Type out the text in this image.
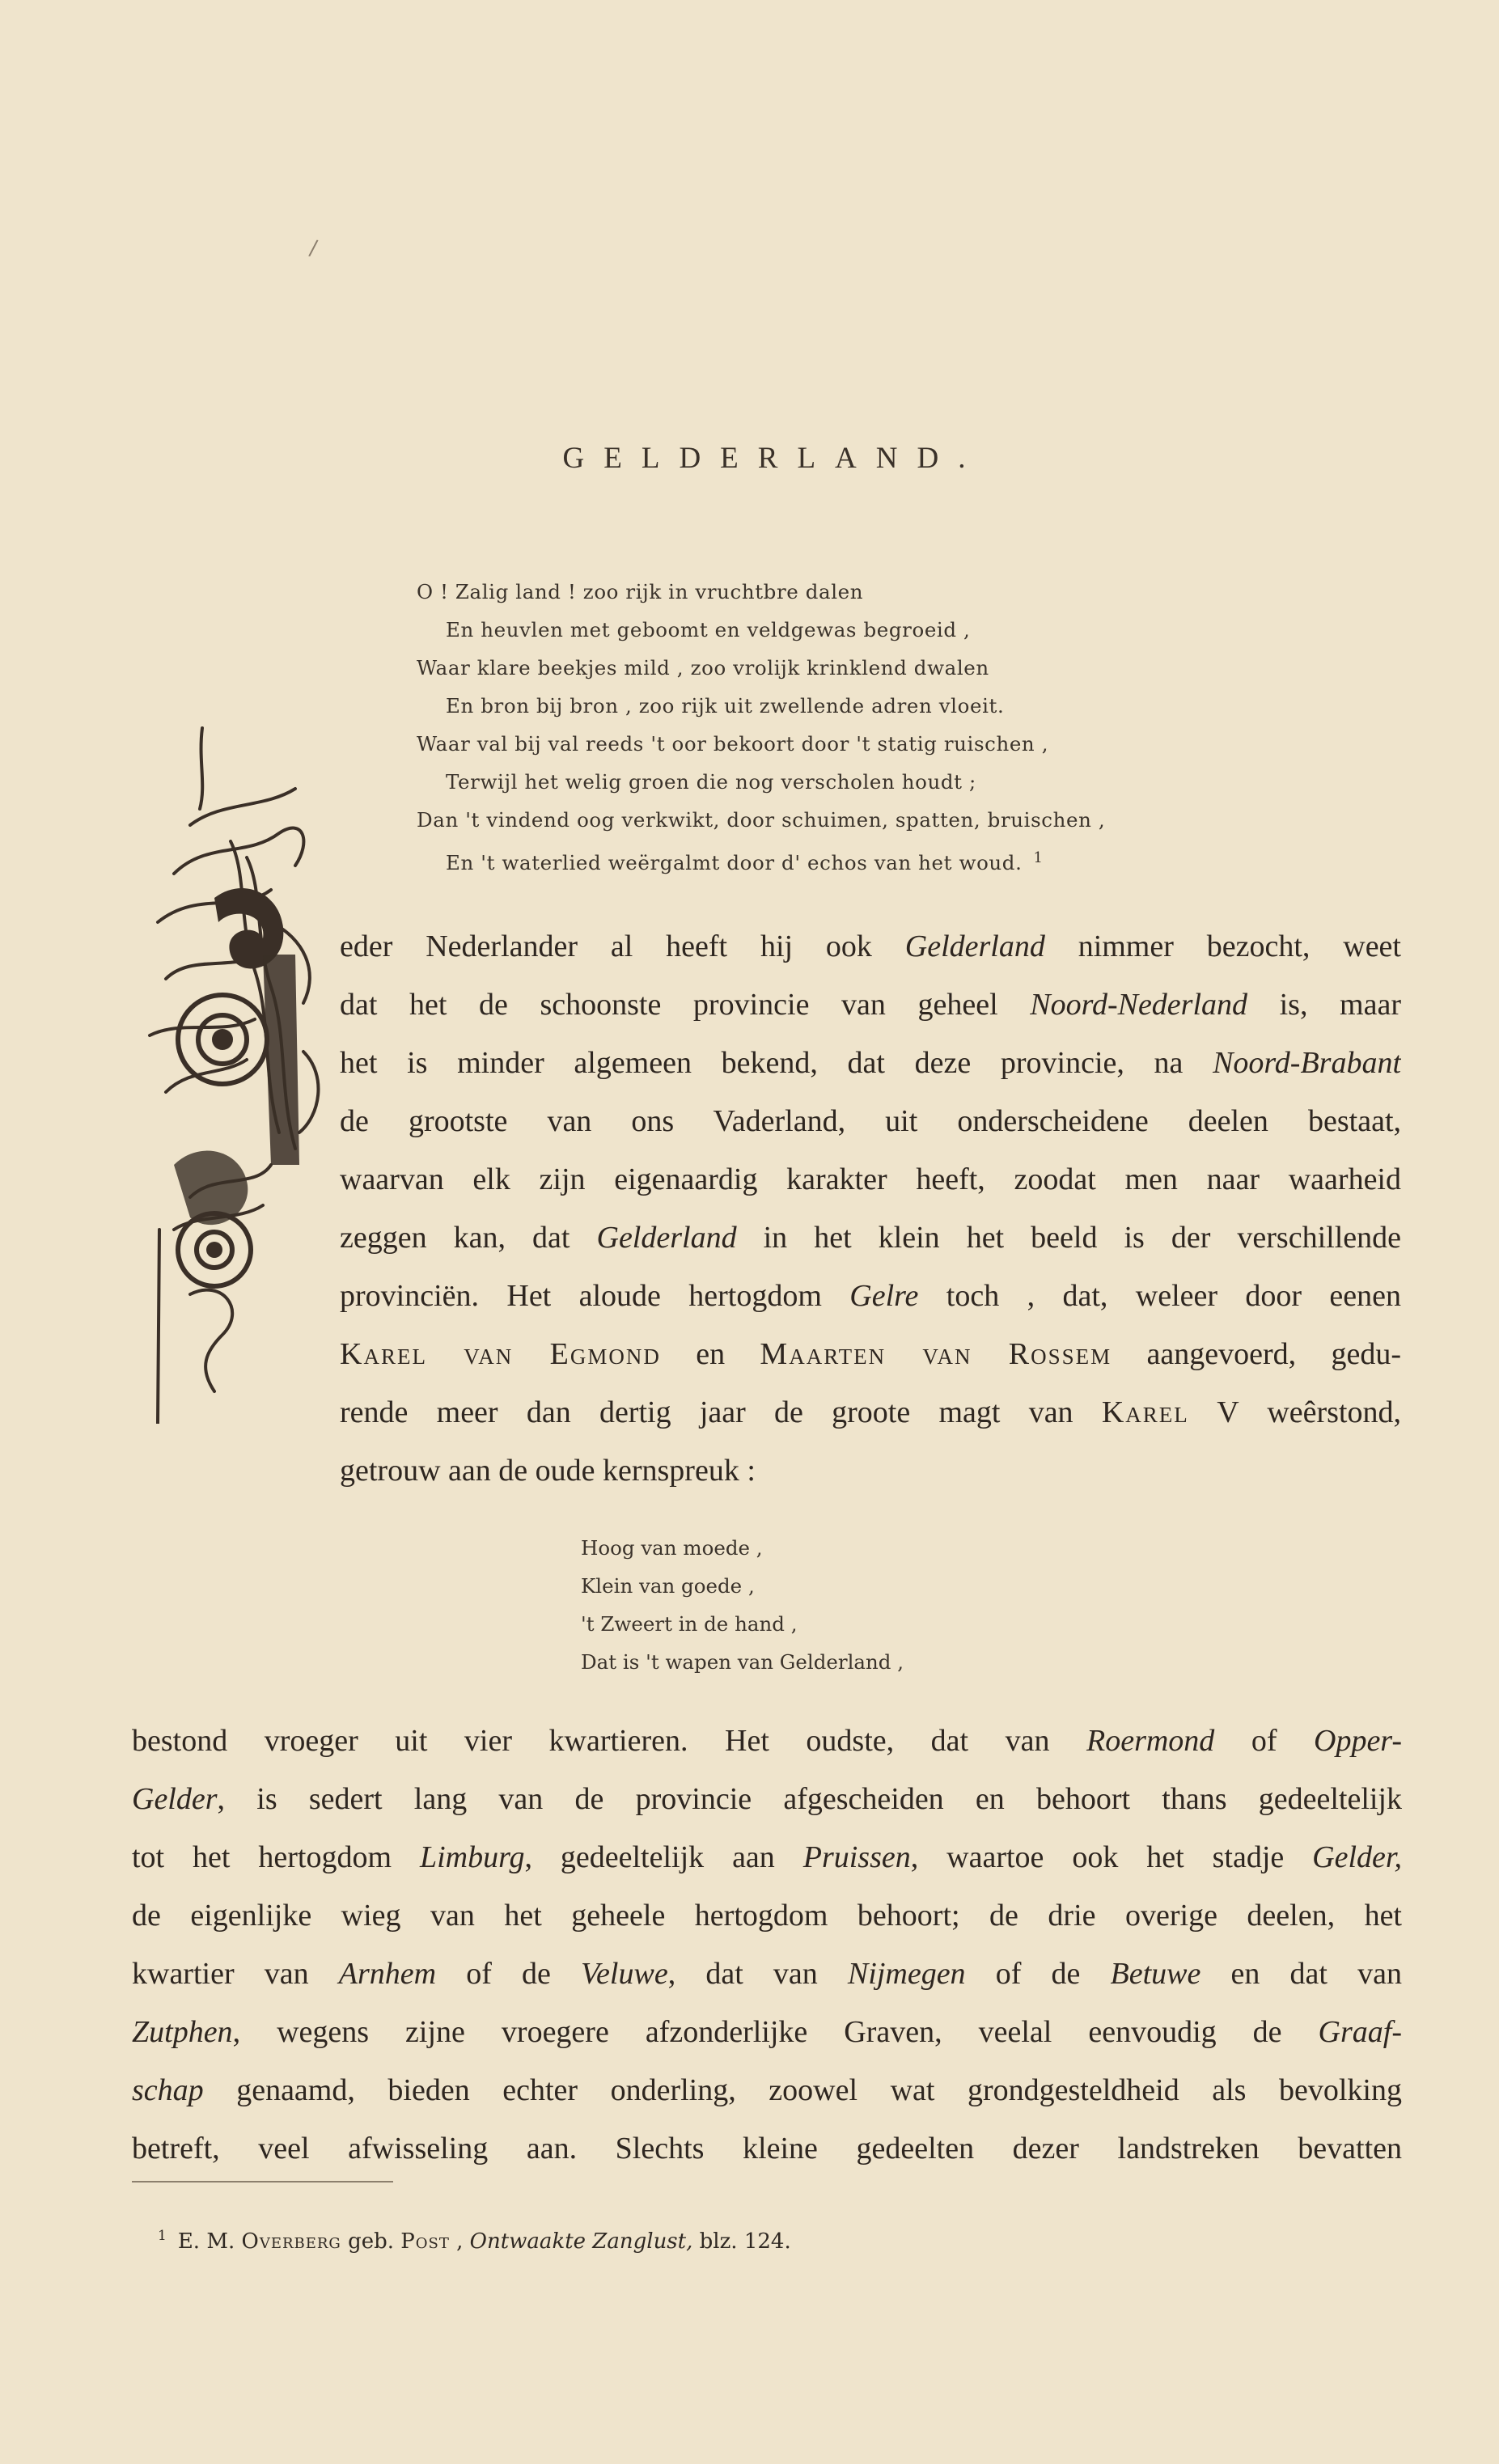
/
GELDERLAND.
O ! Zalig land ! zoo rijk in vruchtbre dalen
En heuvlen met geboomt en veldgewas begroeid ,
Waar klare beekjes mild , zoo vrolijk krinklend dwalen
En bron bij bron , zoo rijk uit zwellende adren vloeit.
Waar val bij val reeds 't oor bekoort door 't statig ruischen ,
Terwijl het welig groen die nog verscholen houdt ;
Dan 't vindend oog verkwikt, door schuimen, spatten, bruischen ,
En 't waterlied weërgalmt door d' echos van het woud. $^1$
eder Nederlander al heeft hij ook Gelderland nimmer bezocht, weet
dat het de schoonste provincie van geheel Noord-Nederland is, maar
het is minder algemeen bekend, dat deze provincie, na Noord-Brabant
de grootste van ons Vaderland, uit onderscheidene deelen bestaat,
waarvan elk zijn eigenaardig karakter heeft, zoodat men naar waarheid
zeggen kan, dat Gelderland in het klein het beeld is der verschillende
provinciën. Het aloude hertogdom Gelre toch , dat, weleer door eenen
Karel van Egmond en Maarten van Rossem aangevoerd, gedu-
rende meer dan dertig jaar de groote magt van Karel V weêrstond,
getrouw aan de oude kernspreuk :
Hoog van moede ,
Klein van goede ,
't Zweert in de hand ,
Dat is 't wapen van Gelderland ,
bestond vroeger uit vier kwartieren. Het oudste, dat van Roermond of Opper-
Gelder, is sedert lang van de provincie afgescheiden en behoort thans gedeeltelijk
tot het hertogdom Limburg, gedeeltelijk aan Pruissen, waartoe ook het stadje Gelder,
de eigenlijke wieg van het geheele hertogdom behoort; de drie overige deelen, het
kwartier van Arnhem of de Veluwe, dat van Nijmegen of de Betuwe en dat van
Zutphen, wegens zijne vroegere afzonderlijke Graven, veelal eenvoudig de Graaf-
schap genaamd, bieden echter onderling, zoowel wat grondgesteldheid als bevolking
betreft, veel afwisseling aan. Slechts kleine gedeelten dezer landstreken bevatten
$^1$ E. M. Overberg geb. Post , Ontwaakte Zanglust, blz. 124.
